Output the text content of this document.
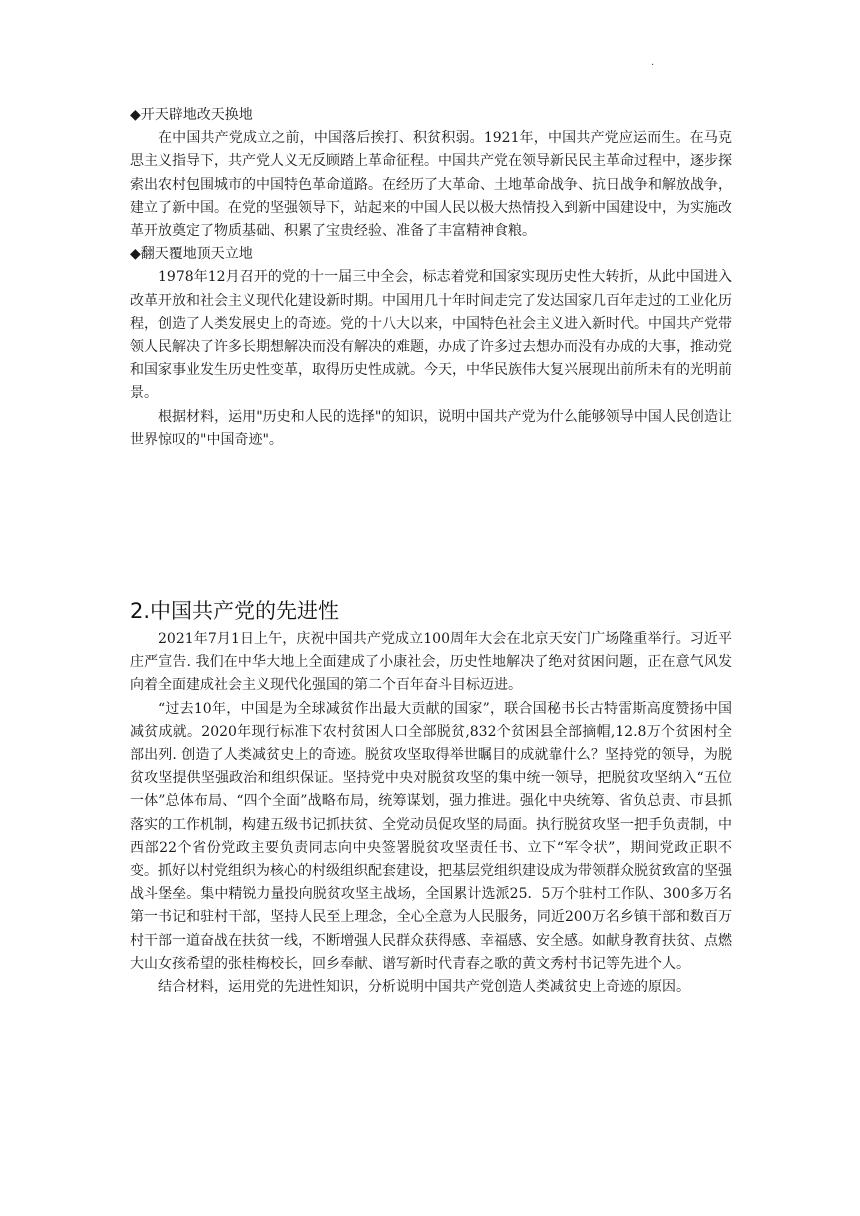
.

◆开天辟地改天换地

在中国共产党成立之前，中国落后挨打、积贫积弱。1921年，中国共产党应运而生。在马克思主义指导下，共产党人义无反顾踏上革命征程。中国共产党在领导新民民主革命过程中，逐步探索出农村包围城市的中国特色革命道路。在经历了大革命、土地革命战争、抗日战争和解放战争，建立了新中国。在党的坚强领导下，站起来的中国人民以极大热情投入到新中国建设中，为实施改革开放奠定了物质基础、积累了宝贵经验、准备了丰富精神食粮。

◆翻天覆地顶天立地

1978年12月召开的党的十一届三中全会，标志着党和国家实现历史性大转折，从此中国进入改革开放和社会主义现代化建设新时期。中国用几十年时间走完了发达国家几百年走过的工业化历程，创造了人类发展史上的奇迹。党的十八大以来，中国特色社会主义进入新时代。中国共产党带领人民解决了许多长期想解决而没有解决的难题，办成了许多过去想办而没有办成的大事，推动党和国家事业发生历史性变革，取得历史性成就。今天，中华民族伟大复兴展现出前所未有的光明前景。

根据材料，运用"历史和人民的选择"的知识，说明中国共产党为什么能够领导中国人民创造让世界惊叹的"中国奇迹"。

2.中国共产党的先进性

2021年7月1日上午，庆祝中国共产党成立100周年大会在北京天安门广场隆重举行。习近平庄严宣告. 我们在中华大地上全面建成了小康社会，历史性地解决了绝对贫困问题，正在意气风发向着全面建成社会主义现代化强国的第二个百年奋斗目标迈进。

“过去10年，中国是为全球减贫作出最大贡献的国家”，联合国秘书长古特雷斯高度赞扬中国减贫成就。2020年现行标准下农村贫困人口全部脱贫,832个贫困县全部摘帽,12.8万个贫困村全部出列. 创造了人类减贫史上的奇迹。脱贫攻坚取得举世瞩目的成就靠什么？坚持党的领导，为脱贫攻坚提供坚强政治和组织保证。坚持党中央对脱贫攻坚的集中统一领导，把脱贫攻坚纳入“五位一体”总体布局、“四个全面”战略布局，统筹谋划，强力推进。强化中央统筹、省负总责、市县抓落实的工作机制，构建五级书记抓扶贫、全党动员促攻坚的局面。执行脱贫攻坚一把手负责制，中西部22个省份党政主要负责同志向中央签署脱贫攻坚责任书、立下“军令状”，期间党政正职不变。抓好以村党组织为核心的村级组织配套建设，把基层党组织建设成为带领群众脱贫致富的坚强战斗堡垒。集中精锐力量投向脱贫攻坚主战场，全国累计选派25．5万个驻村工作队、300多万名第一书记和驻村干部，坚持人民至上理念，全心全意为人民服务，同近200万名乡镇干部和数百万村干部一道奋战在扶贫一线，不断增强人民群众获得感、幸福感、安全感。如献身教育扶贫、点燃大山女孩希望的张桂梅校长，回乡奉献、谱写新时代青春之歌的黄文秀村书记等先进个人。

结合材料，运用党的先进性知识，分析说明中国共产党创造人类减贫史上奇迹的原因。
